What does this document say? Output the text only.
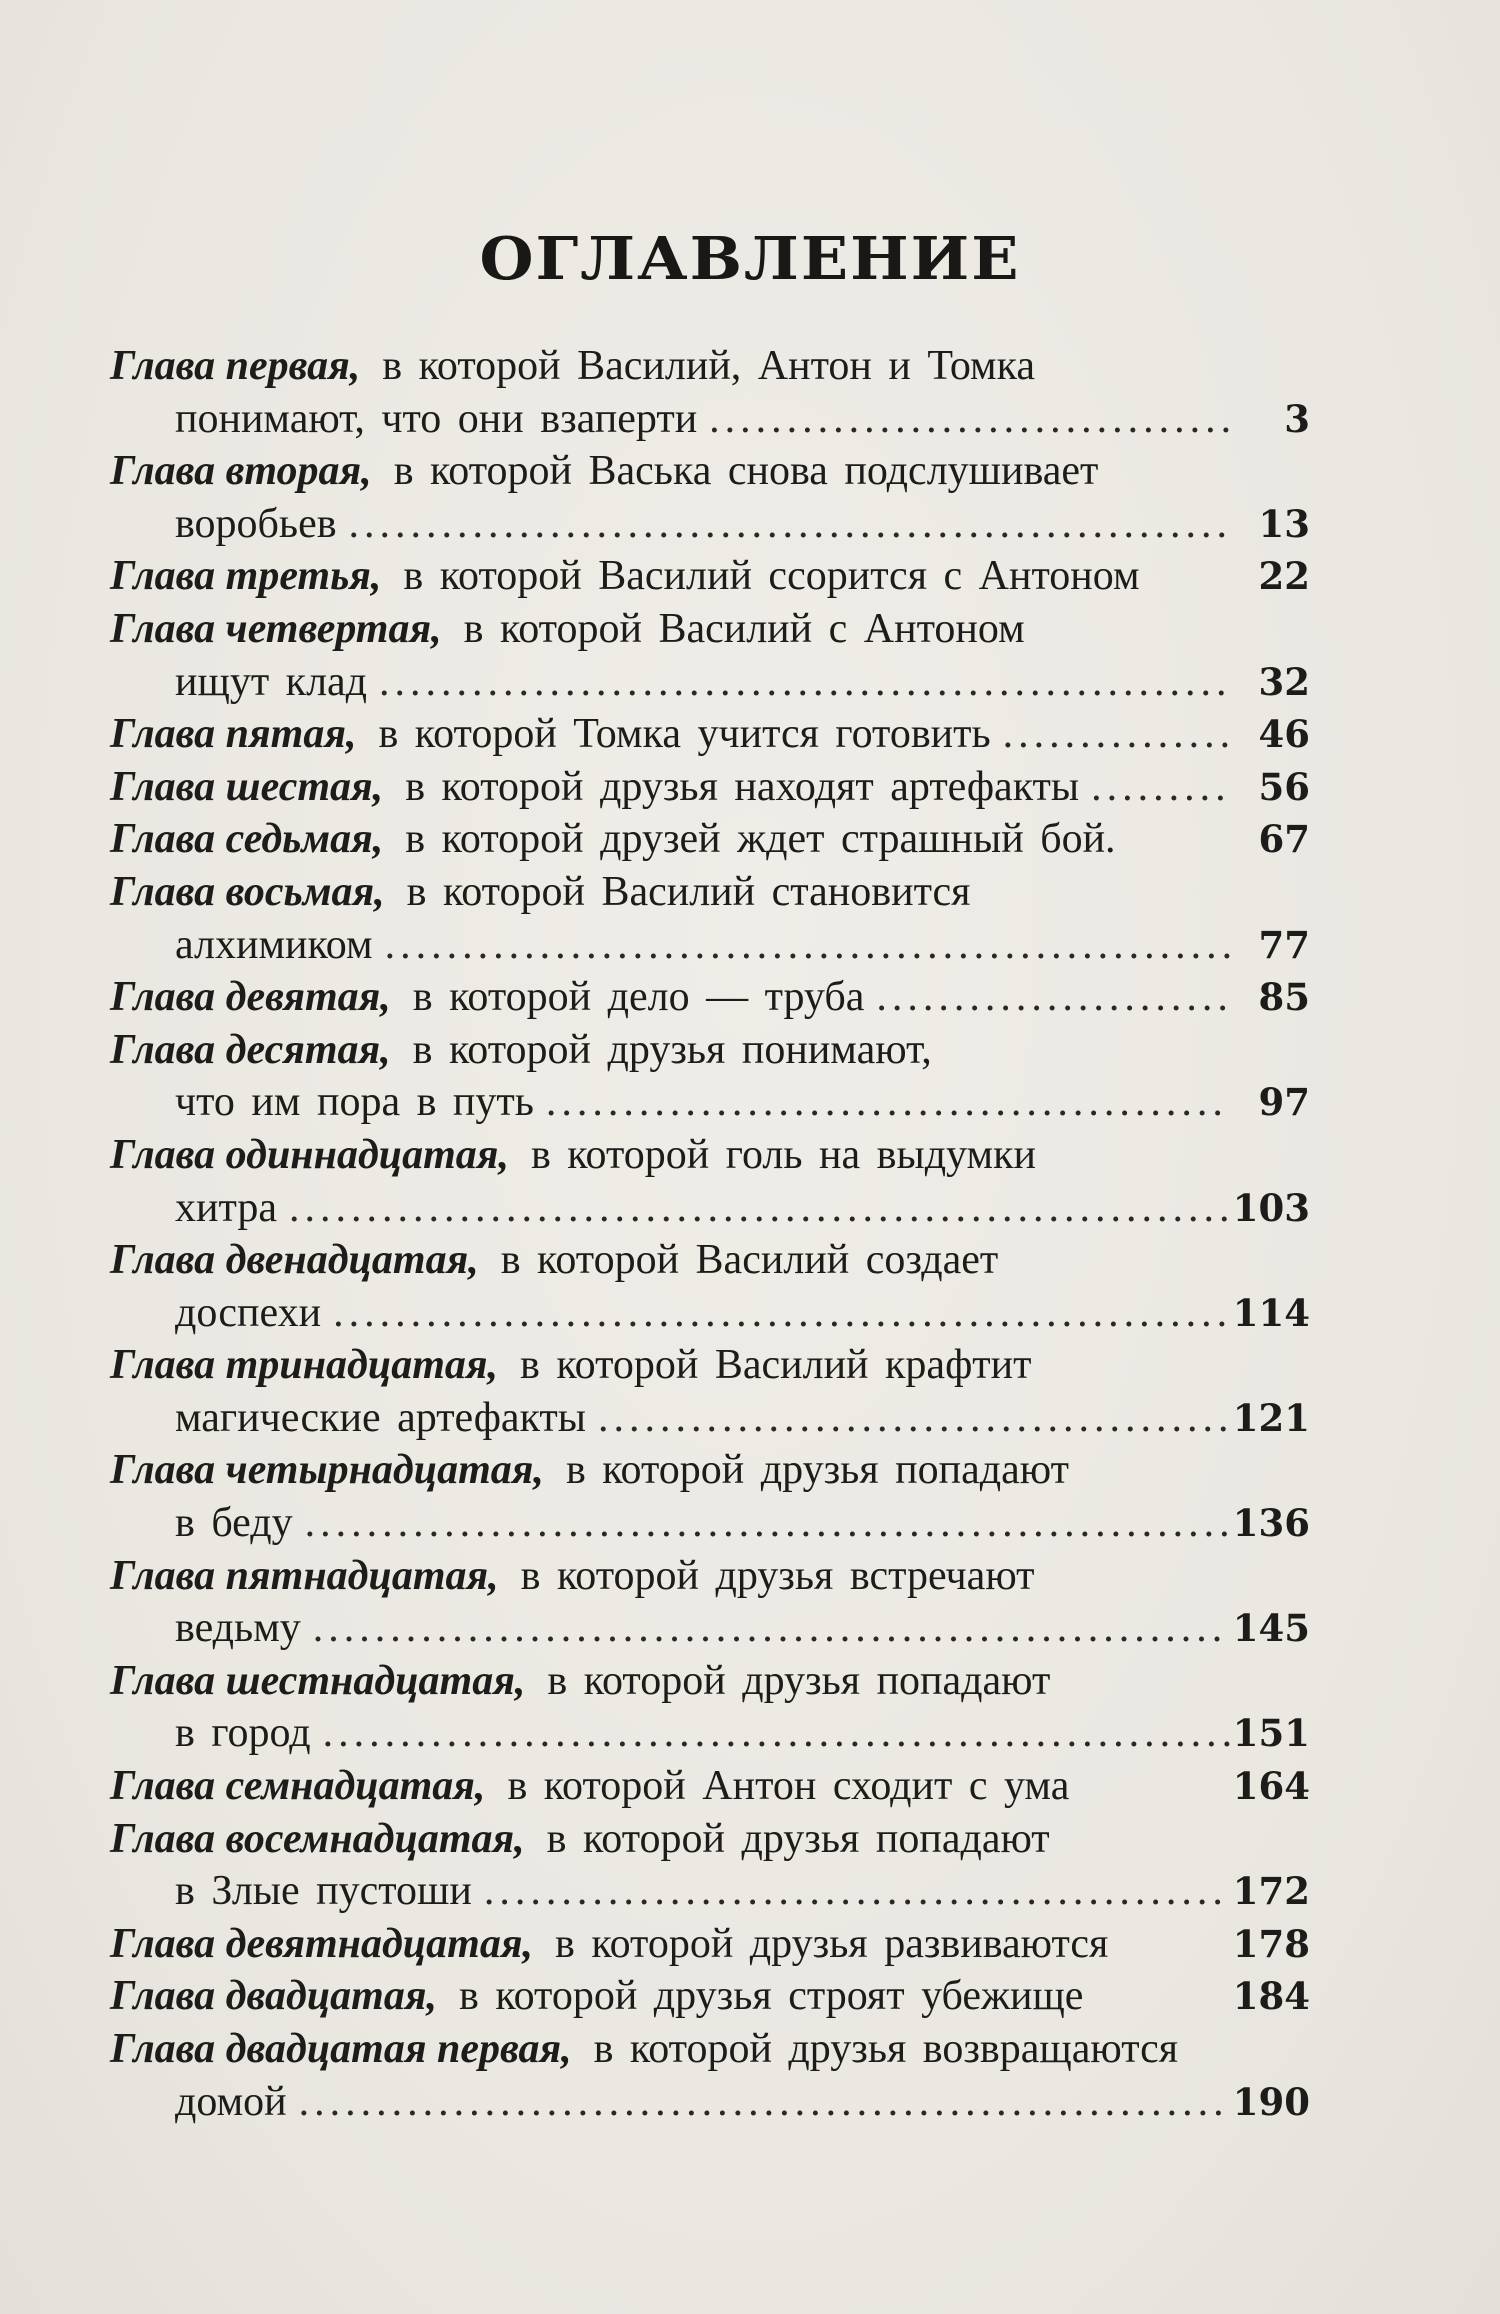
ОГЛАВЛЕНИЕ
Глава первая, в которой Василий, Антон и Томка
понимают, что они взаперти .....	3
Глава вторая, в которой Васька снова подслушивает
воробьев .....	13
Глава третья, в которой Василий ссорится с Антоном	22
Глава четвертая, в которой Василий с Антоном
ищут клад .....	32
Глава пятая, в которой Томка учится готовить .....	46
Глава шестая, в которой друзья находят артефакты .....	56
Глава седьмая, в которой друзей ждет страшный бой.	67
Глава восьмая, в которой Василий становится
алхимиком .....	77
Глава девятая, в которой дело — труба .....	85
Глава десятая, в которой друзья понимают,
что им пора в путь .....	97
Глава одиннадцатая, в которой голь на выдумки
хитра .....	103
Глава двенадцатая, в которой Василий создает
доспехи .....	114
Глава тринадцатая, в которой Василий крафтит
магические артефакты .....	121
Глава четырнадцатая, в которой друзья попадают
в беду .....	136
Глава пятнадцатая, в которой друзья встречают
ведьму .....	145
Глава шестнадцатая, в которой друзья попадают
в город .....	151
Глава семнадцатая, в которой Антон сходит с ума	164
Глава восемнадцатая, в которой друзья попадают
в Злые пустоши .....	172
Глава девятнадцатая, в которой друзья развиваются	178
Глава двадцатая, в которой друзья строят убежище	184
Глава двадцатая первая, в которой друзья возвращаются
домой .....	190
